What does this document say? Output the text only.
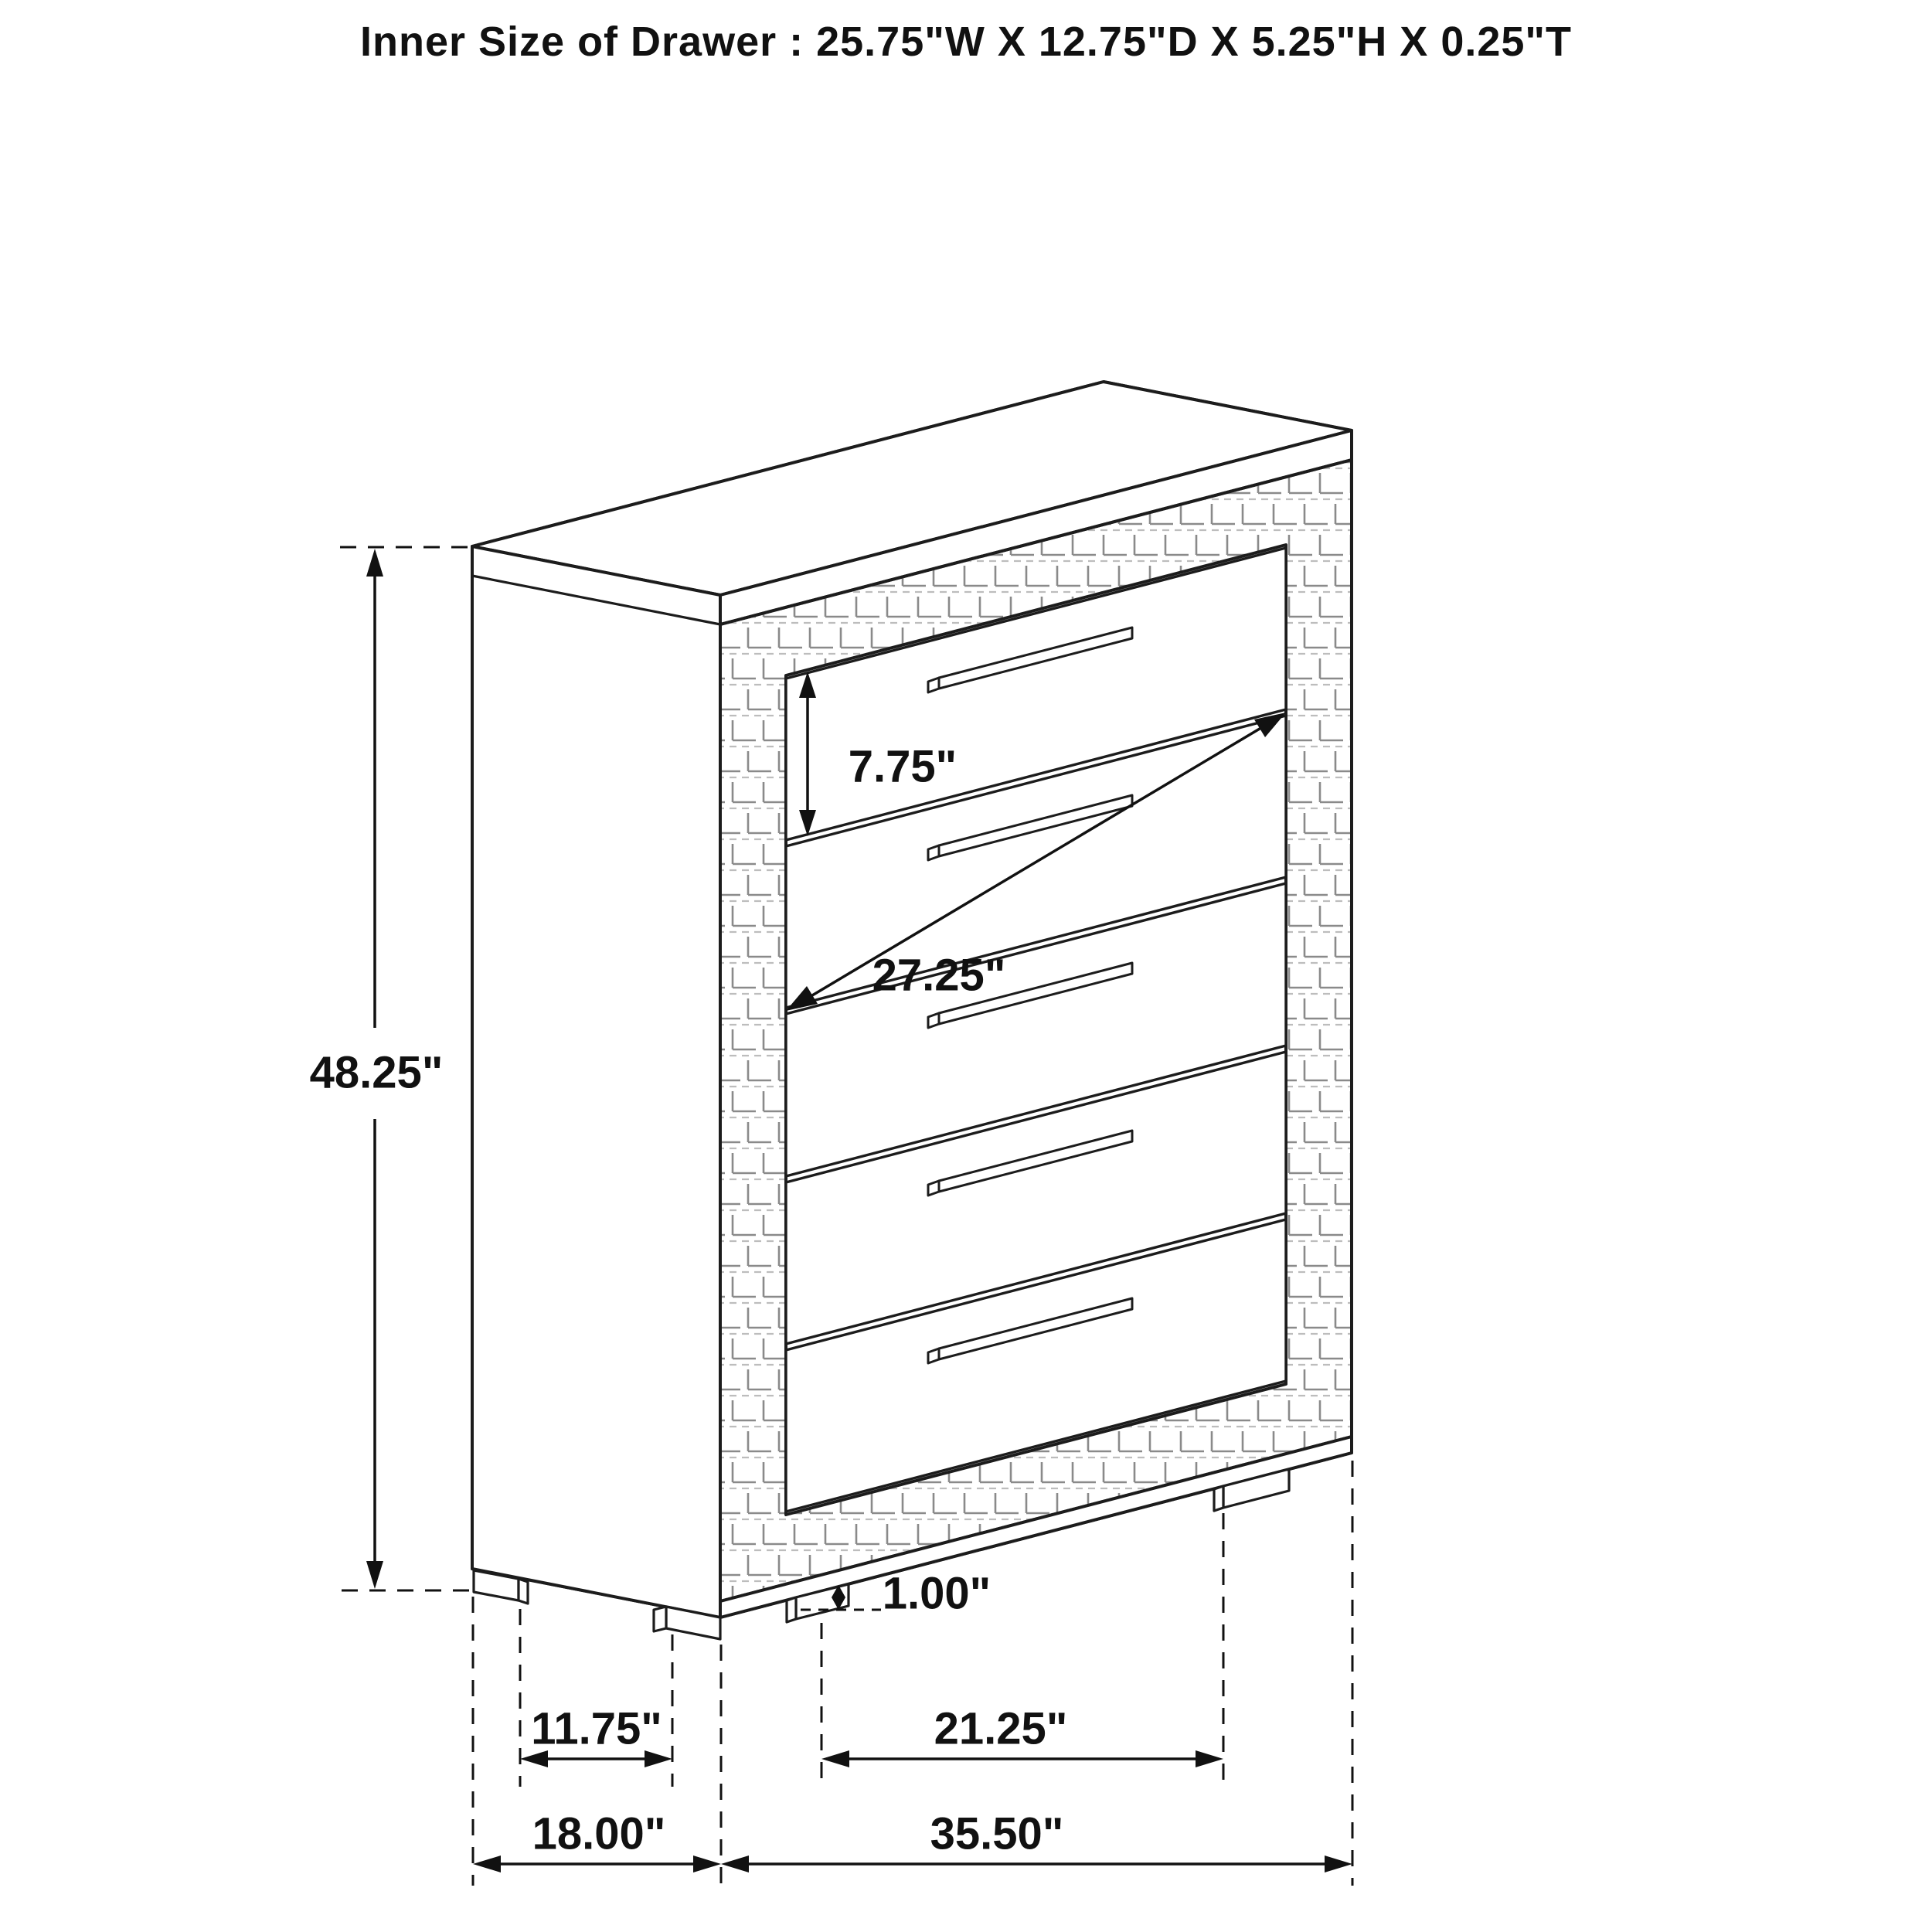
Inner Size of Drawer : 25.75"W X 12.75"D X 5.25"H X 0.25"T
48.25"
7.75"
27.25"
1.00"
11.75"
18.00"
21.25"
35.50"
